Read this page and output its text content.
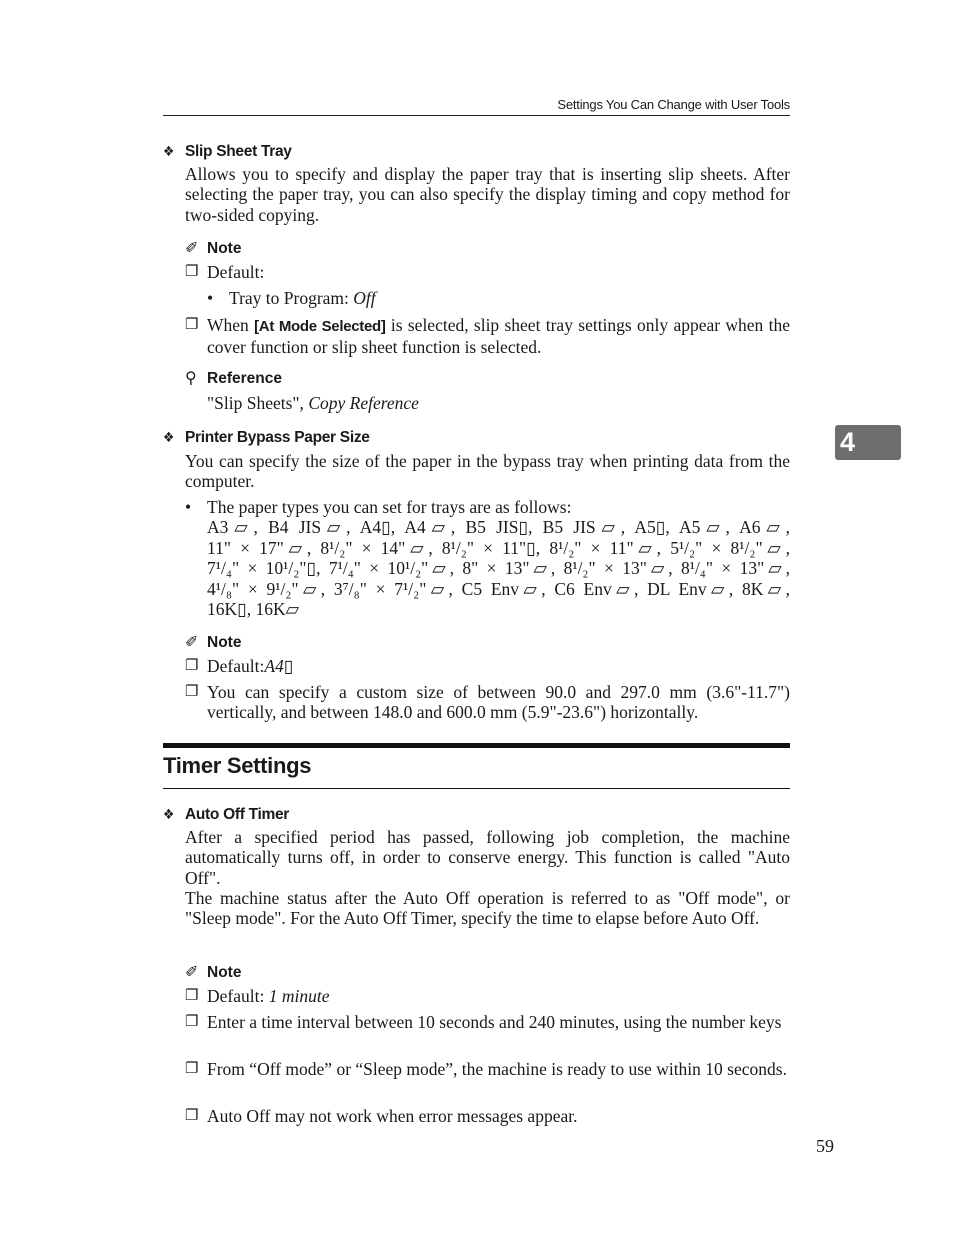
Settings You Can Change with User Tools
4
❖ Slip Sheet Tray
Allows you to specify and display the paper tray that is inserting slip sheets. After selecting the paper tray, you can also specify the display timing and copy method for two-sided copying.
✐ Note
❐ Default:
• Tray to Program: Off
❐ When [At Mode Selected] is selected, slip sheet tray settings only appear when the cover function or slip sheet function is selected.
⚲ Reference
"Slip Sheets", Copy Reference
❖ Printer Bypass Paper Size
You can specify the size of the paper in the bypass tray when printing data from the computer.
• The paper types you can set for trays are as follows:
A3▱, B4 JIS▱, A4▯, A4▱, B5 JIS▯, B5 JIS▱, A5▯, A5▱, A6▱,
11" × 17"▱, 8¹/₂" × 14"▱, 8¹/₂" × 11"▯, 8¹/₂" × 11"▱, 5¹/₂" × 8¹/₂"▱,
7¹/₄" × 10¹/₂"▯, 7¹/₄" × 10¹/₂"▱, 8" × 13"▱, 8¹/₂" × 13"▱, 8¹/₄" × 13"▱,
4¹/₈" × 9¹/₂"▱, 3⁷/₈" × 7¹/₂"▱, C5 Env▱, C6 Env▱, DL Env▱, 8K▱,
16K▯, 16K▱
✐ Note
❐ Default:A4▯
❐ You can specify a custom size of between 90.0 and 297.0 mm (3.6"-11.7") vertically, and between 148.0 and 600.0 mm (5.9"-23.6") horizontally.
Timer Settings
❖ Auto Off Timer
After a specified period has passed, following job completion, the machine automatically turns off, in order to conserve energy. This function is called "Auto Off".
The machine status after the Auto Off operation is referred to as "Off mode", or "Sleep mode". For the Auto Off Timer, specify the time to elapse before Auto Off.
✐ Note
❐ Default: 1 minute
❐ Enter a time interval between 10 seconds and 240 minutes, using the number keys
❐ From “Off mode” or “Sleep mode”, the machine is ready to use within 10 seconds.
❐ Auto Off may not work when error messages appear.
59
